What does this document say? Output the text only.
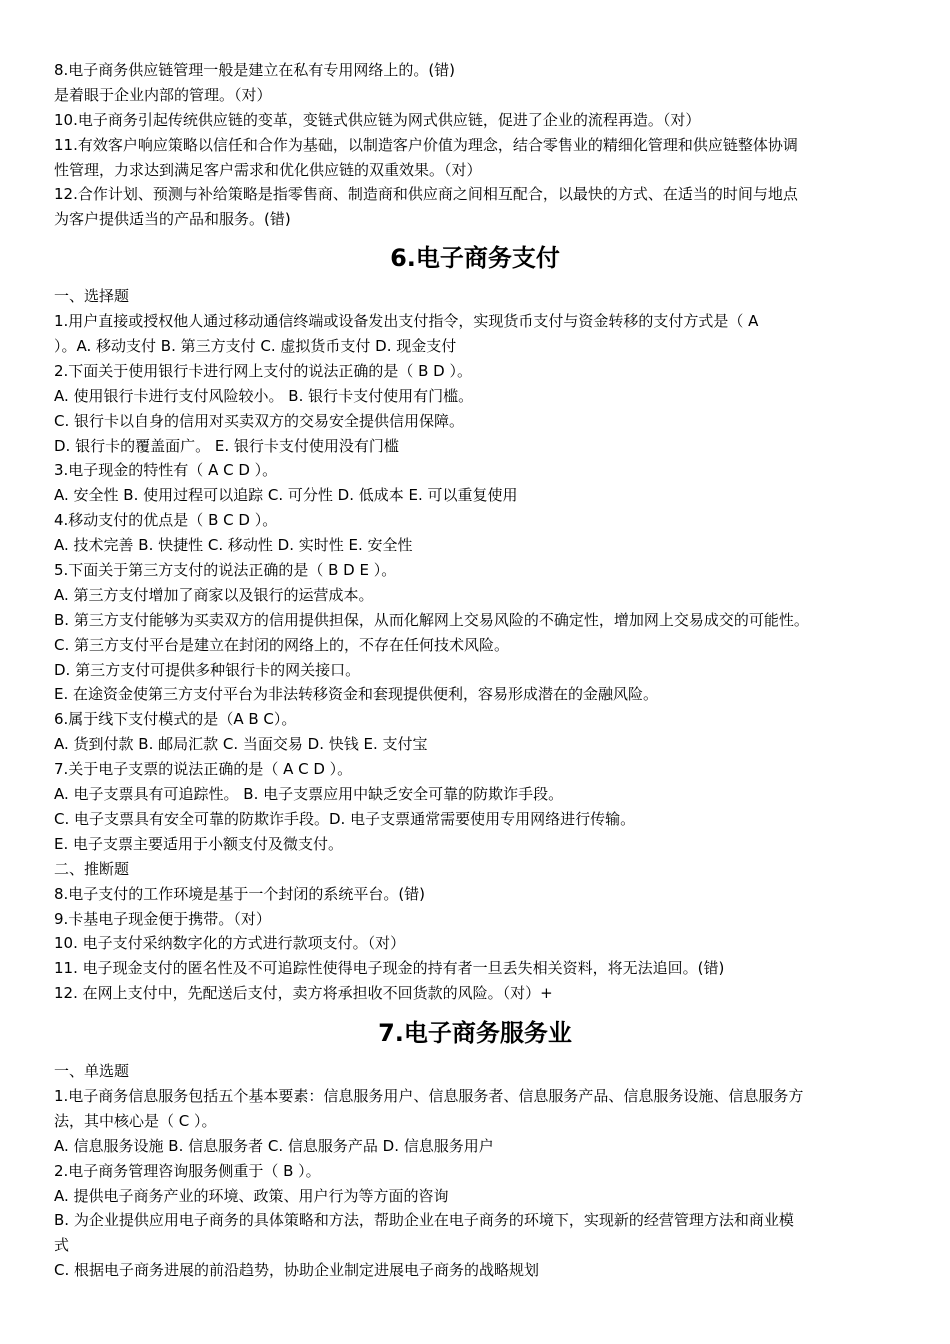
8.电子商务供应链管理一般是建立在私有专用网络上的。(错)
是着眼于企业内部的管理。（对）
10.电子商务引起传统供应链的变革，变链式供应链为网式供应链，促进了企业的流程再造。（对）
11.有效客户响应策略以信任和合作为基础，以制造客户价值为理念，结合零售业的精细化管理和供应链整体协调
性管理，力求达到满足客户需求和优化供应链的双重效果。（对）
12.合作计划、预测与补给策略是指零售商、制造商和供应商之间相互配合，以最快的方式、在适当的时间与地点
为客户提供适当的产品和服务。(错)
6.电子商务支付
一、选择题
1.用户直接或授权他人通过移动通信终端或设备发出支付指令，实现货币支付与资金转移的支付方式是（ A
）。A. 移动支付 B. 第三方支付 C. 虚拟货币支付 D. 现金支付
2.下面关于使用银行卡进行网上支付的说法正确的是（ B D ）。
A. 使用银行卡进行支付风险较小。 B. 银行卡支付使用有门槛。
C. 银行卡以自身的信用对买卖双方的交易安全提供信用保障。
D. 银行卡的覆盖面广。 E. 银行卡支付使用没有门槛
3.电子现金的特性有（ A C D ）。
A. 安全性 B. 使用过程可以追踪 C. 可分性 D. 低成本 E. 可以重复使用
4.移动支付的优点是（ B C D ）。
A. 技术完善 B. 快捷性 C. 移动性 D. 实时性 E. 安全性
5.下面关于第三方支付的说法正确的是（ B D E ）。
A. 第三方支付增加了商家以及银行的运营成本。
B. 第三方支付能够为买卖双方的信用提供担保，从而化解网上交易风险的不确定性，增加网上交易成交的可能性。
C. 第三方支付平台是建立在封闭的网络上的，不存在任何技术风险。
D. 第三方支付可提供多种银行卡的网关接口。
E. 在途资金使第三方支付平台为非法转移资金和套现提供便利，容易形成潜在的金融风险。
6.属于线下支付模式的是（A B C）。
A. 货到付款 B. 邮局汇款 C. 当面交易 D. 快钱 E. 支付宝
7.关于电子支票的说法正确的是（ A C D ）。
A. 电子支票具有可追踪性。 B. 电子支票应用中缺乏安全可靠的防欺诈手段。
C. 电子支票具有安全可靠的防欺诈手段。D. 电子支票通常需要使用专用网络进行传输。
E. 电子支票主要适用于小额支付及微支付。
二、推断题
8.电子支付的工作环境是基于一个封闭的系统平台。(错)
9.卡基电子现金便于携带。（对）
10. 电子支付采纳数字化的方式进行款项支付。（对）
11. 电子现金支付的匿名性及不可追踪性使得电子现金的持有者一旦丢失相关资料，将无法追回。(错)
12. 在网上支付中，先配送后支付，卖方将承担收不回货款的风险。（对）+
7.电子商务服务业
一、单选题
1.电子商务信息服务包括五个基本要素：信息服务用户、信息服务者、信息服务产品、信息服务设施、信息服务方
法，其中核心是（ C ）。
A. 信息服务设施 B. 信息服务者 C. 信息服务产品 D. 信息服务用户
2.电子商务管理咨询服务侧重于（ B ）。
A. 提供电子商务产业的环境、政策、用户行为等方面的咨询
B. 为企业提供应用电子商务的具体策略和方法，帮助企业在电子商务的环境下，实现新的经营管理方法和商业模
式
C. 根据电子商务进展的前沿趋势，协助企业制定进展电子商务的战略规划
